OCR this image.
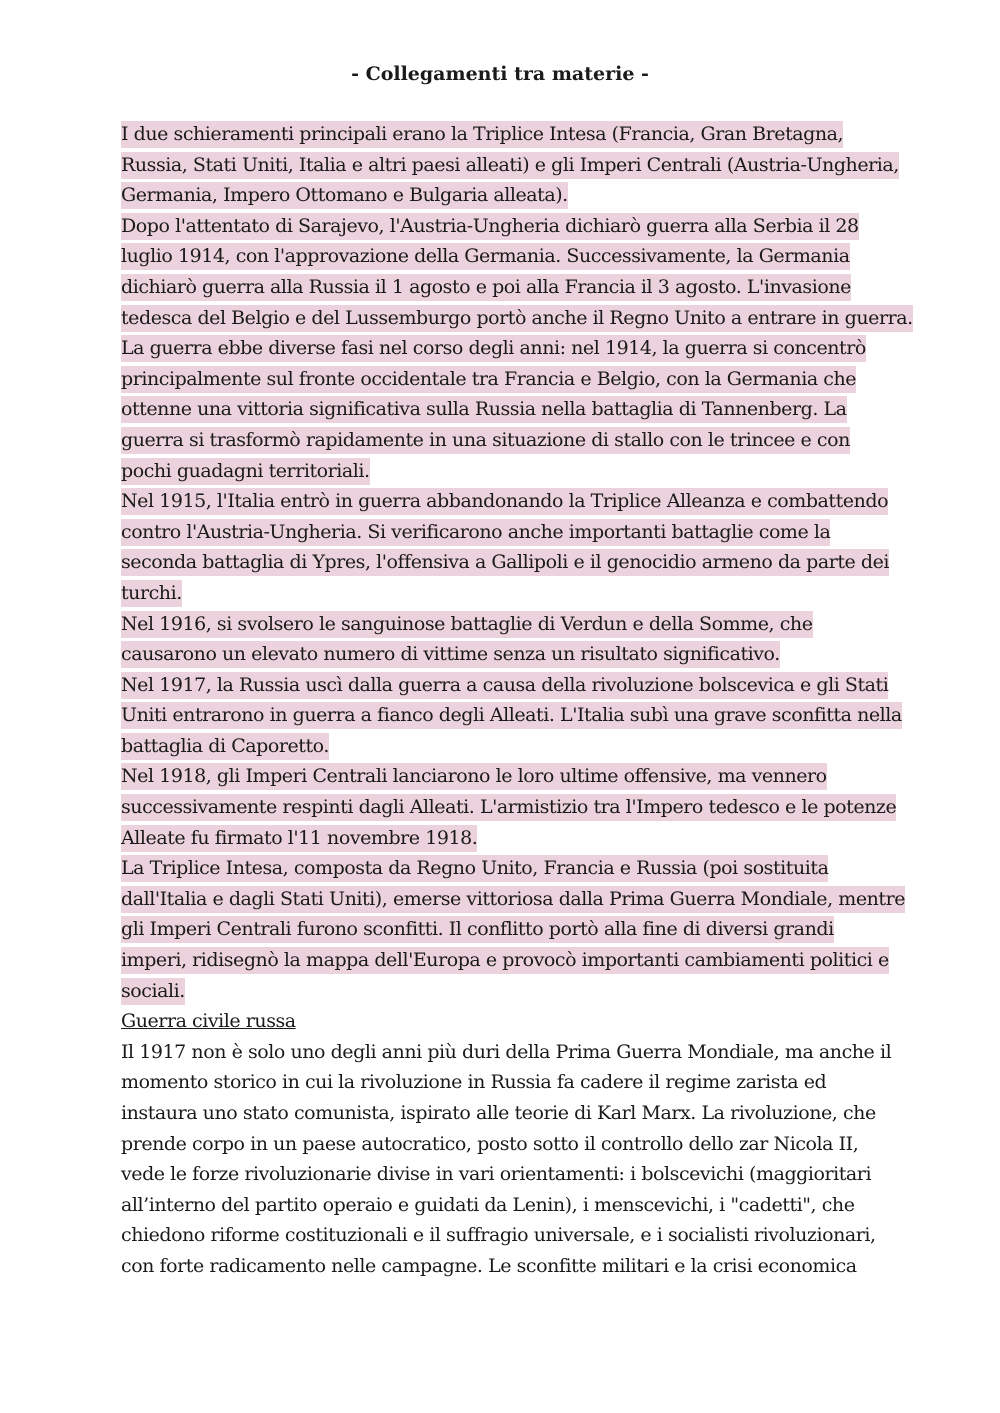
- Collegamenti tra materie -
I due schieramenti principali erano la Triplice Intesa (Francia, Gran Bretagna,
Russia, Stati Uniti, Italia e altri paesi alleati) e gli Imperi Centrali (Austria-Ungheria,
Germania, Impero Ottomano e Bulgaria alleata).
Dopo l'attentato di Sarajevo, l'Austria-Ungheria dichiarò guerra alla Serbia il 28
luglio 1914, con l'approvazione della Germania. Successivamente, la Germania
dichiarò guerra alla Russia il 1 agosto e poi alla Francia il 3 agosto. L'invasione
tedesca del Belgio e del Lussemburgo portò anche il Regno Unito a entrare in guerra.
La guerra ebbe diverse fasi nel corso degli anni: nel 1914, la guerra si concentrò
principalmente sul fronte occidentale tra Francia e Belgio, con la Germania che
ottenne una vittoria significativa sulla Russia nella battaglia di Tannenberg. La
guerra si trasformò rapidamente in una situazione di stallo con le trincee e con
pochi guadagni territoriali.
Nel 1915, l'Italia entrò in guerra abbandonando la Triplice Alleanza e combattendo
contro l'Austria-Ungheria. Si verificarono anche importanti battaglie come la
seconda battaglia di Ypres, l'offensiva a Gallipoli e il genocidio armeno da parte dei
turchi.
Nel 1916, si svolsero le sanguinose battaglie di Verdun e della Somme, che
causarono un elevato numero di vittime senza un risultato significativo.
Nel 1917, la Russia uscì dalla guerra a causa della rivoluzione bolscevica e gli Stati
Uniti entrarono in guerra a fianco degli Alleati. L'Italia subì una grave sconfitta nella
battaglia di Caporetto.
Nel 1918, gli Imperi Centrali lanciarono le loro ultime offensive, ma vennero
successivamente respinti dagli Alleati. L'armistizio tra l'Impero tedesco e le potenze
Alleate fu firmato l'11 novembre 1918.
La Triplice Intesa, composta da Regno Unito, Francia e Russia (poi sostituita
dall'Italia e dagli Stati Uniti), emerse vittoriosa dalla Prima Guerra Mondiale, mentre
gli Imperi Centrali furono sconfitti. Il conflitto portò alla fine di diversi grandi
imperi, ridisegnò la mappa dell'Europa e provocò importanti cambiamenti politici e
sociali.
Guerra civile russa
Il 1917 non è solo uno degli anni più duri della Prima Guerra Mondiale, ma anche il
momento storico in cui la rivoluzione in Russia fa cadere il regime zarista ed
instaura uno stato comunista, ispirato alle teorie di Karl Marx. La rivoluzione, che
prende corpo in un paese autocratico, posto sotto il controllo dello zar Nicola II,
vede le forze rivoluzionarie divise in vari orientamenti: i bolscevichi (maggioritari
all’interno del partito operaio e guidati da Lenin), i menscevichi, i "cadetti", che
chiedono riforme costituzionali e il suffragio universale, e i socialisti rivoluzionari,
con forte radicamento nelle campagne. Le sconfitte militari e la crisi economica
